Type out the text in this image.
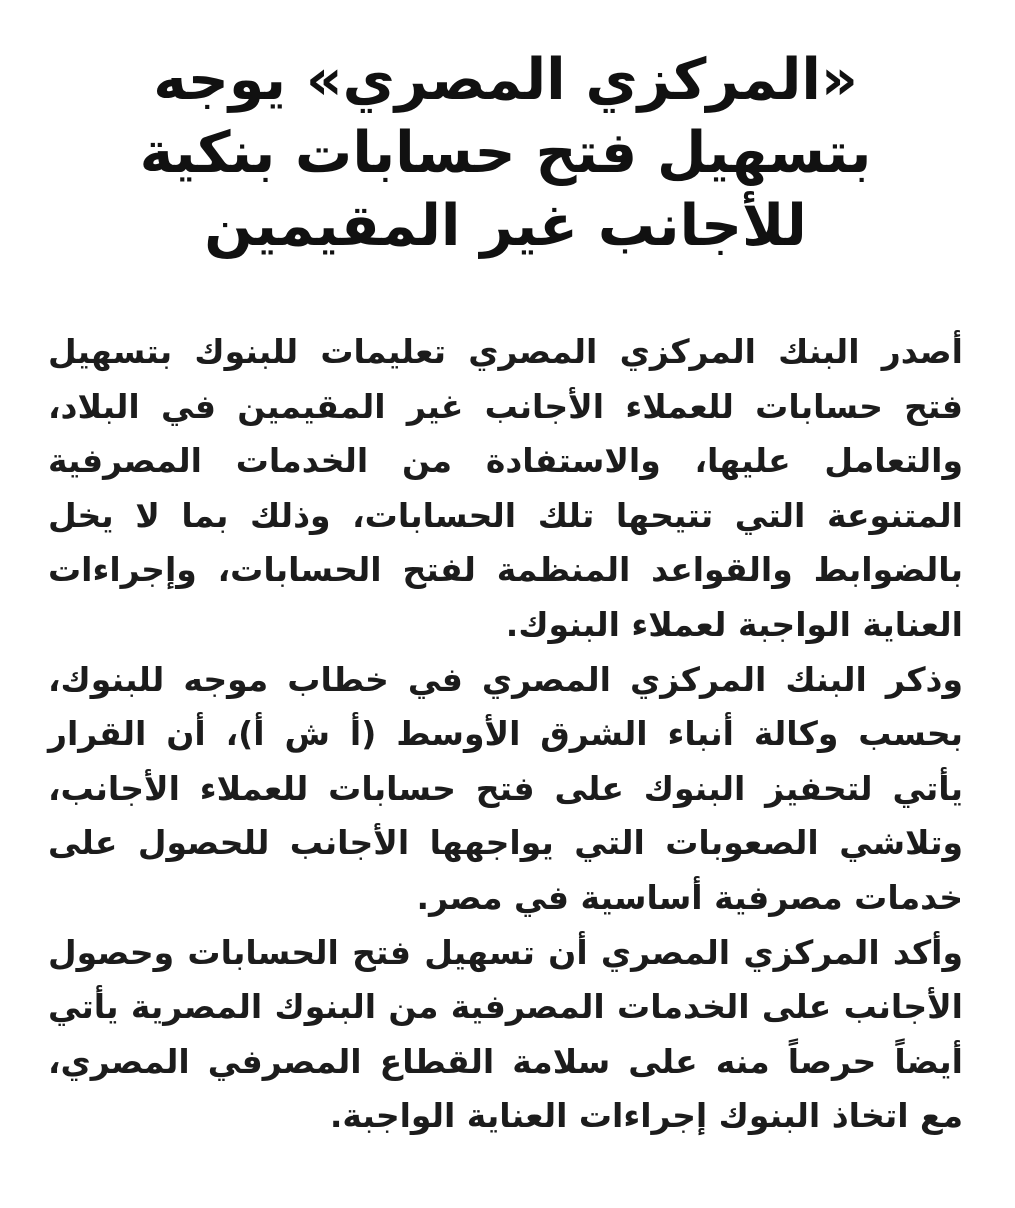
«المركزي المصري» يوجه
بتسهيل فتح حسابات بنكية
للأجانب غير المقيمين

أصدر البنك المركزي المصري تعليمات للبنوك بتسهيل فتح حسابات للعملاء الأجانب غير المقيمين في البلاد، والتعامل عليها، والاستفادة من الخدمات المصرفية المتنوعة التي تتيحها تلك الحسابات، وذلك بما لا يخل بالضوابط والقواعد المنظمة لفتح الحسابات، وإجراءات العناية الواجبة لعملاء البنوك.

وذكر البنك المركزي المصري في خطاب موجه للبنوك، بحسب وكالة أنباء الشرق الأوسط (أ ش أ)، أن القرار يأتي لتحفيز البنوك على فتح حسابات للعملاء الأجانب، وتلاشي الصعوبات التي يواجهها الأجانب للحصول على خدمات مصرفية أساسية في مصر.

وأكد المركزي المصري أن تسهيل فتح الحسابات وحصول الأجانب على الخدمات المصرفية من البنوك المصرية يأتي أيضاً حرصاً منه على سلامة القطاع المصرفي المصري، مع اتخاذ البنوك إجراءات العناية الواجبة.
